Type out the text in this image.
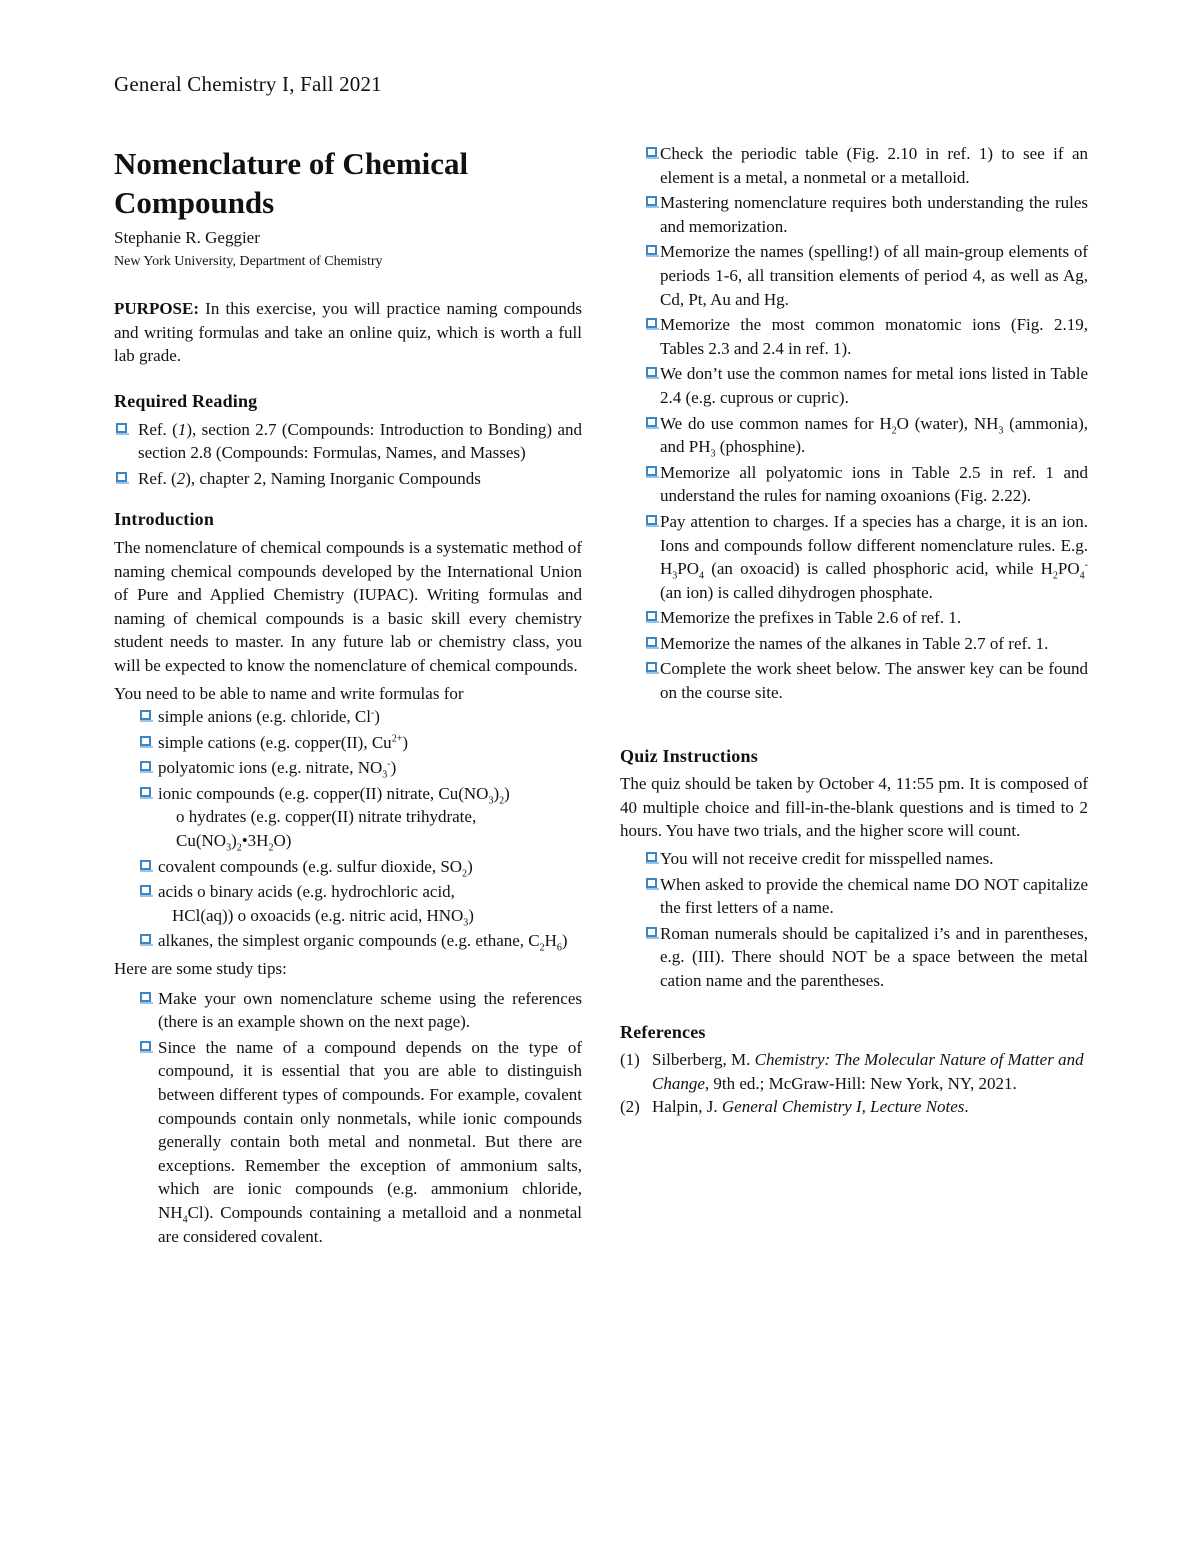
General Chemistry I, Fall 2021
Nomenclature of Chemical
Compounds

Stephanie R. Geggier

New York University, Department of Chemistry

PURPOSE: In this exercise, you will practice naming compounds and writing formulas and take an online quiz, which is worth a full lab grade.

Required Reading
Ref. (1), section 2.7 (Compounds: Introduction to Bonding) and section 2.8 (Compounds: Formulas, Names, and Masses)
Ref. (2), chapter 2, Naming Inorganic Compounds
Introduction

The nomenclature of chemical compounds is a systematic method of naming chemical compounds developed by the International Union of Pure and Applied Chemistry (IUPAC). Writing formulas and naming of chemical compounds is a basic skill every chemistry student needs to master. In any future lab or chemistry class, you will be expected to know the nomenclature of chemical compounds.

You need to be able to name and write formulas for

simple anions (e.g. chloride, Cl-)
simple cations (e.g. copper(II), $Cu^{2+}$)
polyatomic ions (e.g. nitrate, $NO_3^-$)
ionic compounds (e.g. copper(II) nitrate, $Cu(NO_3)_2$)
o hydrates (e.g. copper(II) nitrate trihydrate,
$Cu(NO_3)_2•3H_2O$)
covalent compounds (e.g. sulfur dioxide, $SO_2$)
acids o binary acids (e.g. hydrochloric acid,
HCl(aq)) o oxoacids (e.g. nitric acid, $HNO_3$)
alkanes, the simplest organic compounds (e.g. ethane, $C_2H_6$)

Here are some study tips:

Make your own nomenclature scheme using the references (there is an example shown on the next page).
Since the name of a compound depends on the type of compound, it is essential that you are able to distinguish between different types of compounds. For example, covalent compounds contain only nonmetals, while ionic compounds generally contain both metal and nonmetal. But there are exceptions. Remember the exception of ammonium salts, which are ionic compounds (e.g. ammonium chloride, $NH_4Cl$). Compounds containing a metalloid and a nonmetal are considered covalent.
Check the periodic table (Fig. 2.10 in ref. 1) to see if an element is a metal, a nonmetal or a metalloid.
Mastering nomenclature requires both understanding the rules and memorization.
Memorize the names (spelling!) of all main-group elements of periods 1-6, all transition elements of period 4, as well as Ag, Cd, Pt, Au and Hg.
Memorize the most common monatomic ions (Fig. 2.19, Tables 2.3 and 2.4 in ref. 1).
We don’t use the common names for metal ions listed in Table 2.4 (e.g. cuprous or cupric).
We do use common names for $H_2O$ (water), $NH_3$ (ammonia), and $PH_3$ (phosphine).
Memorize all polyatomic ions in Table 2.5 in ref. 1 and understand the rules for naming oxoanions (Fig. 2.22).
Pay attention to charges. If a species has a charge, it is an ion. Ions and compounds follow different nomenclature rules. E.g. $H_3PO_4$ (an oxoacid) is called phosphoric acid, while $H_2PO_4^-$ (an ion) is called dihydrogen phosphate.
Memorize the prefixes in Table 2.6 of ref. 1.
Memorize the names of the alkanes in Table 2.7 of ref. 1.
Complete the work sheet below. The answer key can be found on the course site.
Quiz Instructions

The quiz should be taken by October 4, 11:55 pm. It is composed of 40 multiple choice and fill-in-the-blank questions and is timed to 2 hours. You have two trials, and the higher score will count.

You will not receive credit for misspelled names.
When asked to provide the chemical name DO NOT capitalize the first letters of a name.
Roman numerals should be capitalized i’s and in parentheses, e.g. (III). There should NOT be a space between the metal cation name and the parentheses.
References
(1) Silberberg, M. Chemistry: The Molecular Nature of Matter and Change, 9th ed.; McGraw-Hill: New York, NY, 2021.
(2) Halpin, J. General Chemistry I, Lecture Notes.
